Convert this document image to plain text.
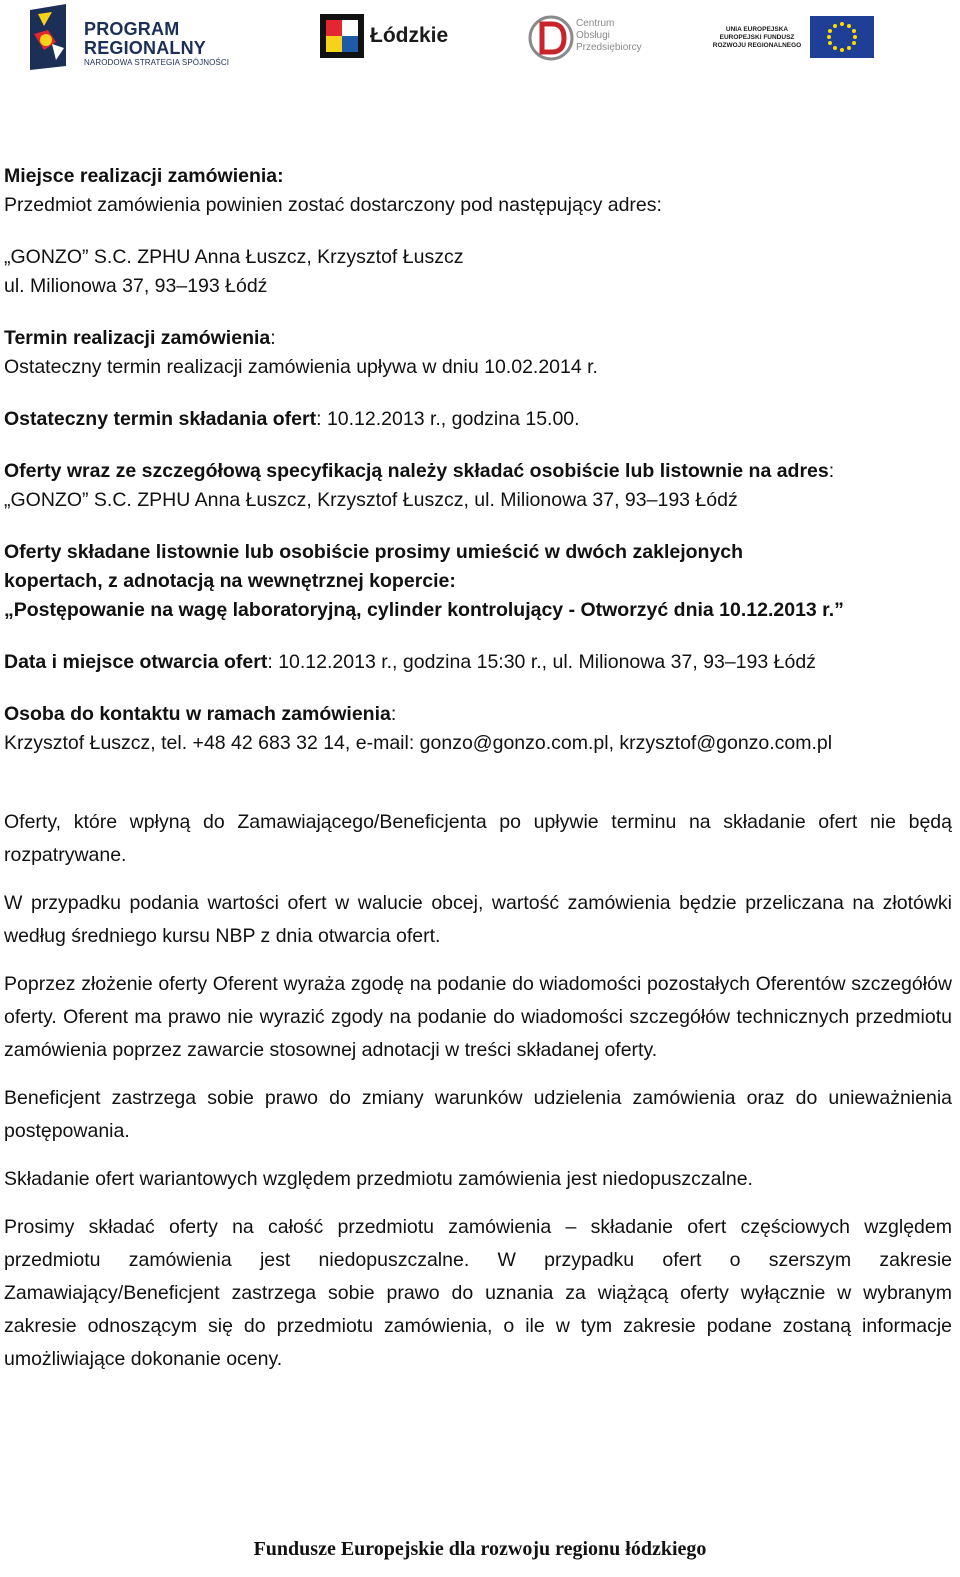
PROGRAM
REGIONALNY
NARODOWA STRATEGIA SPÓJNOŚCI
Łódzkie
Centrum
Obsługi
Przedsiębiorcy
UNIA EUROPEJSKA
EUROPEJSKI FUNDUSZ
ROZWOJU REGIONALNEGO

Miejsce realizacji zamówienia:

Przedmiot zamówienia powinien zostać dostarczony pod następujący adres:

„GONZO” S.C. ZPHU Anna Łuszcz, Krzysztof Łuszcz

ul. Milionowa 37, 93–193 Łódź

Termin realizacji zamówienia:

Ostateczny termin realizacji zamówienia upływa w dniu 10.02.2014 r.

Ostateczny termin składania ofert: 10.12.2013 r., godzina 15.00.

Oferty wraz ze szczegółową specyfikacją należy składać osobiście lub listownie na adres:

„GONZO” S.C. ZPHU Anna Łuszcz, Krzysztof Łuszcz, ul. Milionowa 37, 93–193 Łódź

Oferty składane listownie lub osobiście prosimy umieścić w dwóch zaklejonych

kopertach, z adnotacją na wewnętrznej kopercie:

„Postępowanie na wagę laboratoryjną, cylinder kontrolujący - Otworzyć dnia 10.12.2013 r.”

Data i miejsce otwarcia ofert: 10.12.2013 r., godzina 15:30 r., ul. Milionowa 37, 93–193 Łódź

Osoba do kontaktu w ramach zamówienia:

Krzysztof Łuszcz, tel. +48 42 683 32 14, e-mail: gonzo@gonzo.com.pl, krzysztof@gonzo.com.pl

Oferty, które wpłyną do Zamawiającego/Beneficjenta po upływie terminu na składanie ofert nie będą rozpatrywane.

W przypadku podania wartości ofert w walucie obcej, wartość zamówienia będzie przeliczana na złotówki według średniego kursu NBP z dnia otwarcia ofert.

Poprzez złożenie oferty Oferent wyraża zgodę na podanie do wiadomości pozostałych Oferentów szczegółów oferty. Oferent ma prawo nie wyrazić zgody na podanie do wiadomości szczegółów technicznych przedmiotu zamówienia poprzez zawarcie stosownej adnotacji w treści składanej oferty.

Beneficjent zastrzega sobie prawo do zmiany warunków udzielenia zamówienia oraz do unieważnienia postępowania.

Składanie ofert wariantowych względem przedmiotu zamówienia jest niedopuszczalne.

Prosimy składać oferty na całość przedmiotu zamówienia – składanie ofert częściowych względem przedmiotu zamówienia jest niedopuszczalne. W przypadku ofert o szerszym zakresie Zamawiający/Beneficjent zastrzega sobie prawo do uznania za wiążącą oferty wyłącznie w wybranym zakresie odnoszącym się do przedmiotu zamówienia, o ile w tym zakresie podane zostaną informacje umożliwiające dokonanie oceny.

Fundusze Europejskie dla rozwoju regionu łódzkiego
